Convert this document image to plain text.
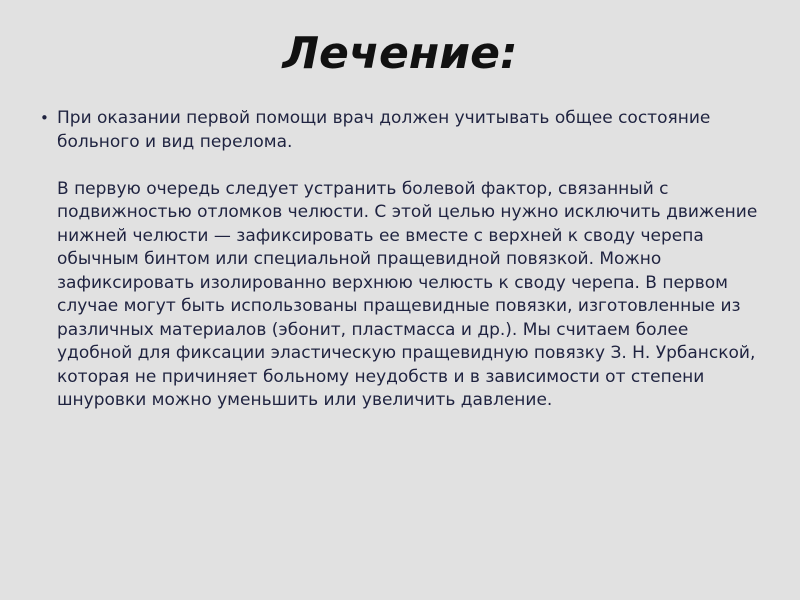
Лечение:
• При оказании первой помощи врач должен учитывать общее состояние больного и вид перелома.

В первую очередь следует устранить болевой фактор, связанный с подвижностью отломков челюсти. С этой целью нужно исключить движение нижней челюсти — зафиксировать ее вместе с верхней к своду черепа обычным бинтом или специальной пращевидной повязкой. Можно зафиксировать изолированно верхнюю челюсть к своду черепа. В первом случае могут быть использованы пращевидные повязки, изготовленные из различных материалов (эбонит, пластмасса и др.). Мы считаем более удобной для фиксации эластическую пращевидную повязку З. Н. Урбанской, которая не причиняет больному неудобств и в зависимости от степени шнуровки можно уменьшить или увеличить давление.
